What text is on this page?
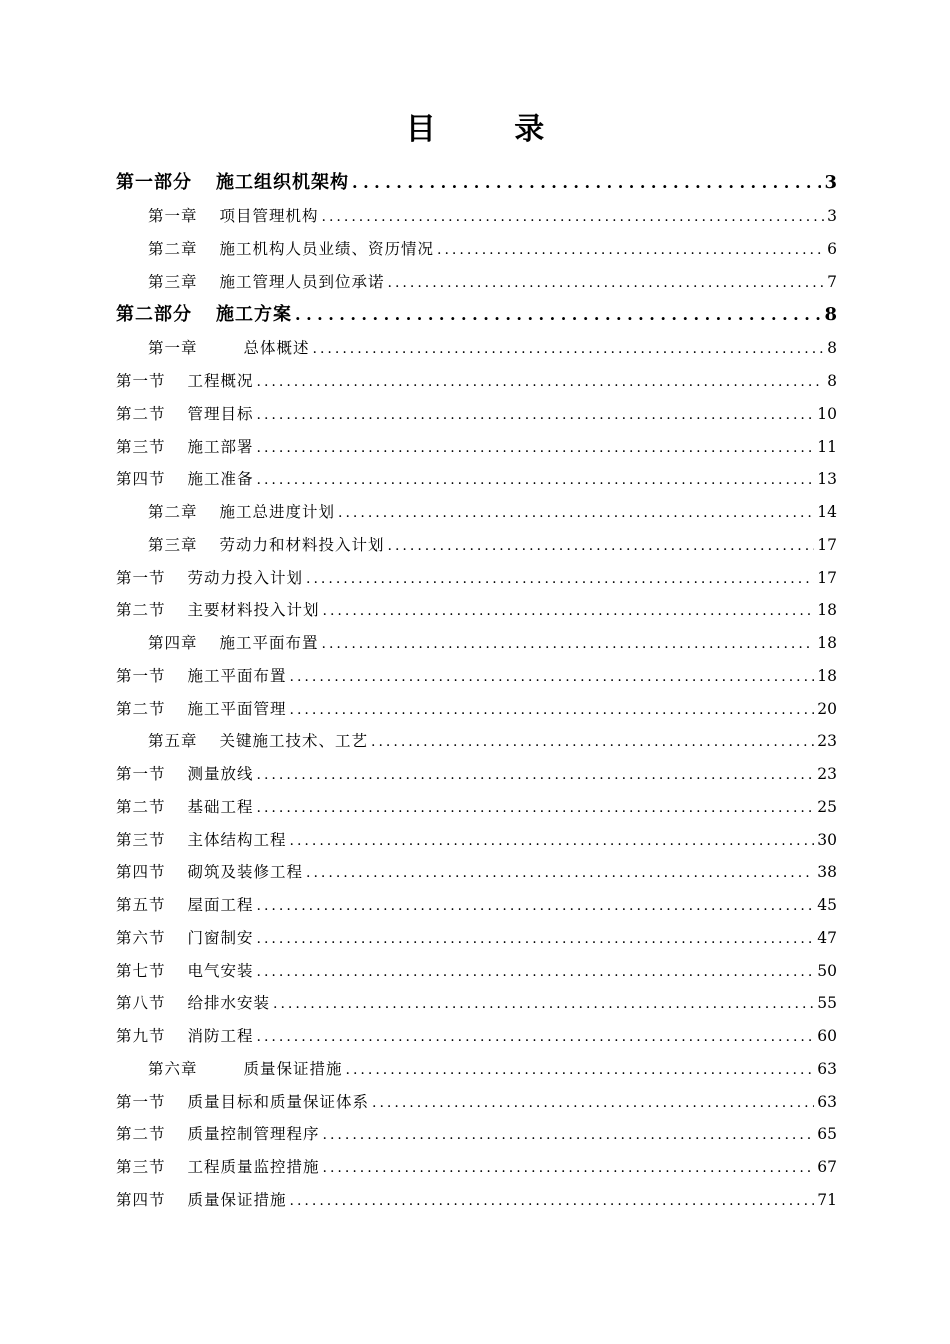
目 录
第一部分 施工组织机架构 .....	3
第一章 项目管理机构 .....	3
第二章 施工机构人员业绩、资历情况 .....	6
第三章 施工管理人员到位承诺 .....	7
第二部分 施工方案 .....	8
第一章	总体概述 .....	8
第一节 工程概况 .....	8
第二节 管理目标 .....	10
第三节 施工部署 .....	11
第四节 施工准备 .....	13
第二章 施工总进度计划 .....	14
第三章 劳动力和材料投入计划 .....	17
第一节 劳动力投入计划 .....	17
第二节 主要材料投入计划 .....	18
第四章 施工平面布置 .....	18
第一节 施工平面布置 .....	18
第二节 施工平面管理 .....	20
第五章 关键施工技术、工艺 .....	23
第一节 测量放线 .....	23
第二节 基础工程 .....	25
第三节 主体结构工程 .....	30
第四节 砌筑及装修工程 .....	38
第五节 屋面工程 .....	45
第六节 门窗制安 .....	47
第七节 电气安装 .....	50
第八节 给排水安装 .....	55
第九节 消防工程 .....	60
第六章	质量保证措施 .....	63
第一节 质量目标和质量保证体系 .....	63
第二节 质量控制管理程序 .....	65
第三节 工程质量监控措施 .....	67
第四节 质量保证措施 .....	71
